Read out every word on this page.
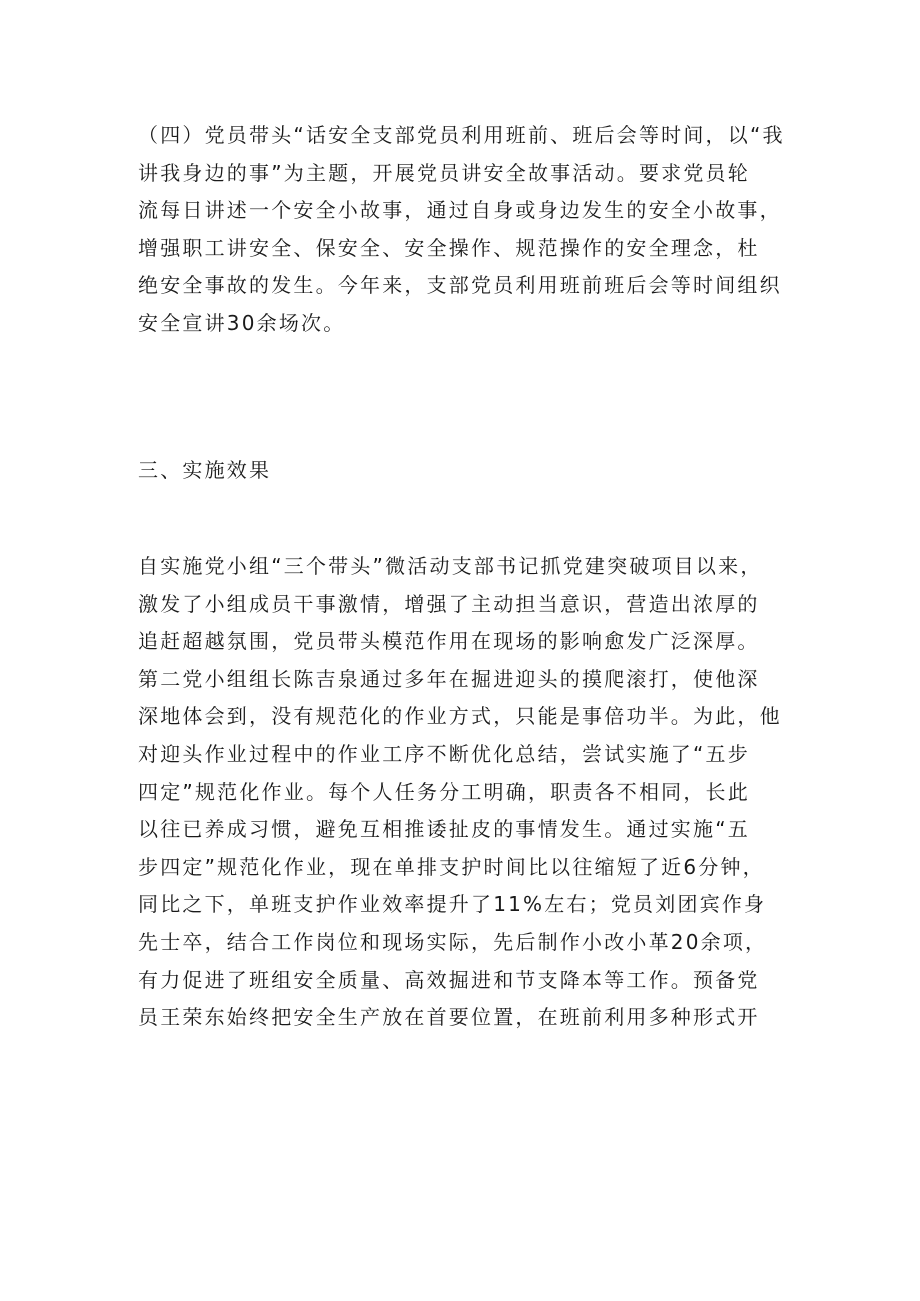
（四）党员带头“话安全支部党员利用班前、班后会等时间，以“我
讲我身边的事”为主题，开展党员讲安全故事活动。要求党员轮
流每日讲述一个安全小故事，通过自身或身边发生的安全小故事，
增强职工讲安全、保安全、安全操作、规范操作的安全理念，杜
绝安全事故的发生。今年来，支部党员利用班前班后会等时间组织
安全宣讲30余场次。
三、实施效果
自实施党小组“三个带头”微活动支部书记抓党建突破项目以来，
激发了小组成员干事激情，增强了主动担当意识，营造出浓厚的
追赶超越氛围，党员带头模范作用在现场的影响愈发广泛深厚。
第二党小组组长陈吉泉通过多年在掘进迎头的摸爬滚打，使他深
深地体会到，没有规范化的作业方式，只能是事倍功半。为此，他
对迎头作业过程中的作业工序不断优化总结，尝试实施了“五步
四定”规范化作业。每个人任务分工明确，职责各不相同，长此
以往已养成习惯，避免互相推诿扯皮的事情发生。通过实施“五
步四定”规范化作业，现在单排支护时间比以往缩短了近6分钟，
同比之下，单班支护作业效率提升了11%左右；党员刘团宾作身
先士卒，结合工作岗位和现场实际，先后制作小改小革20余项，
有力促进了班组安全质量、高效掘进和节支降本等工作。预备党
员王荣东始终把安全生产放在首要位置，在班前利用多种形式开
